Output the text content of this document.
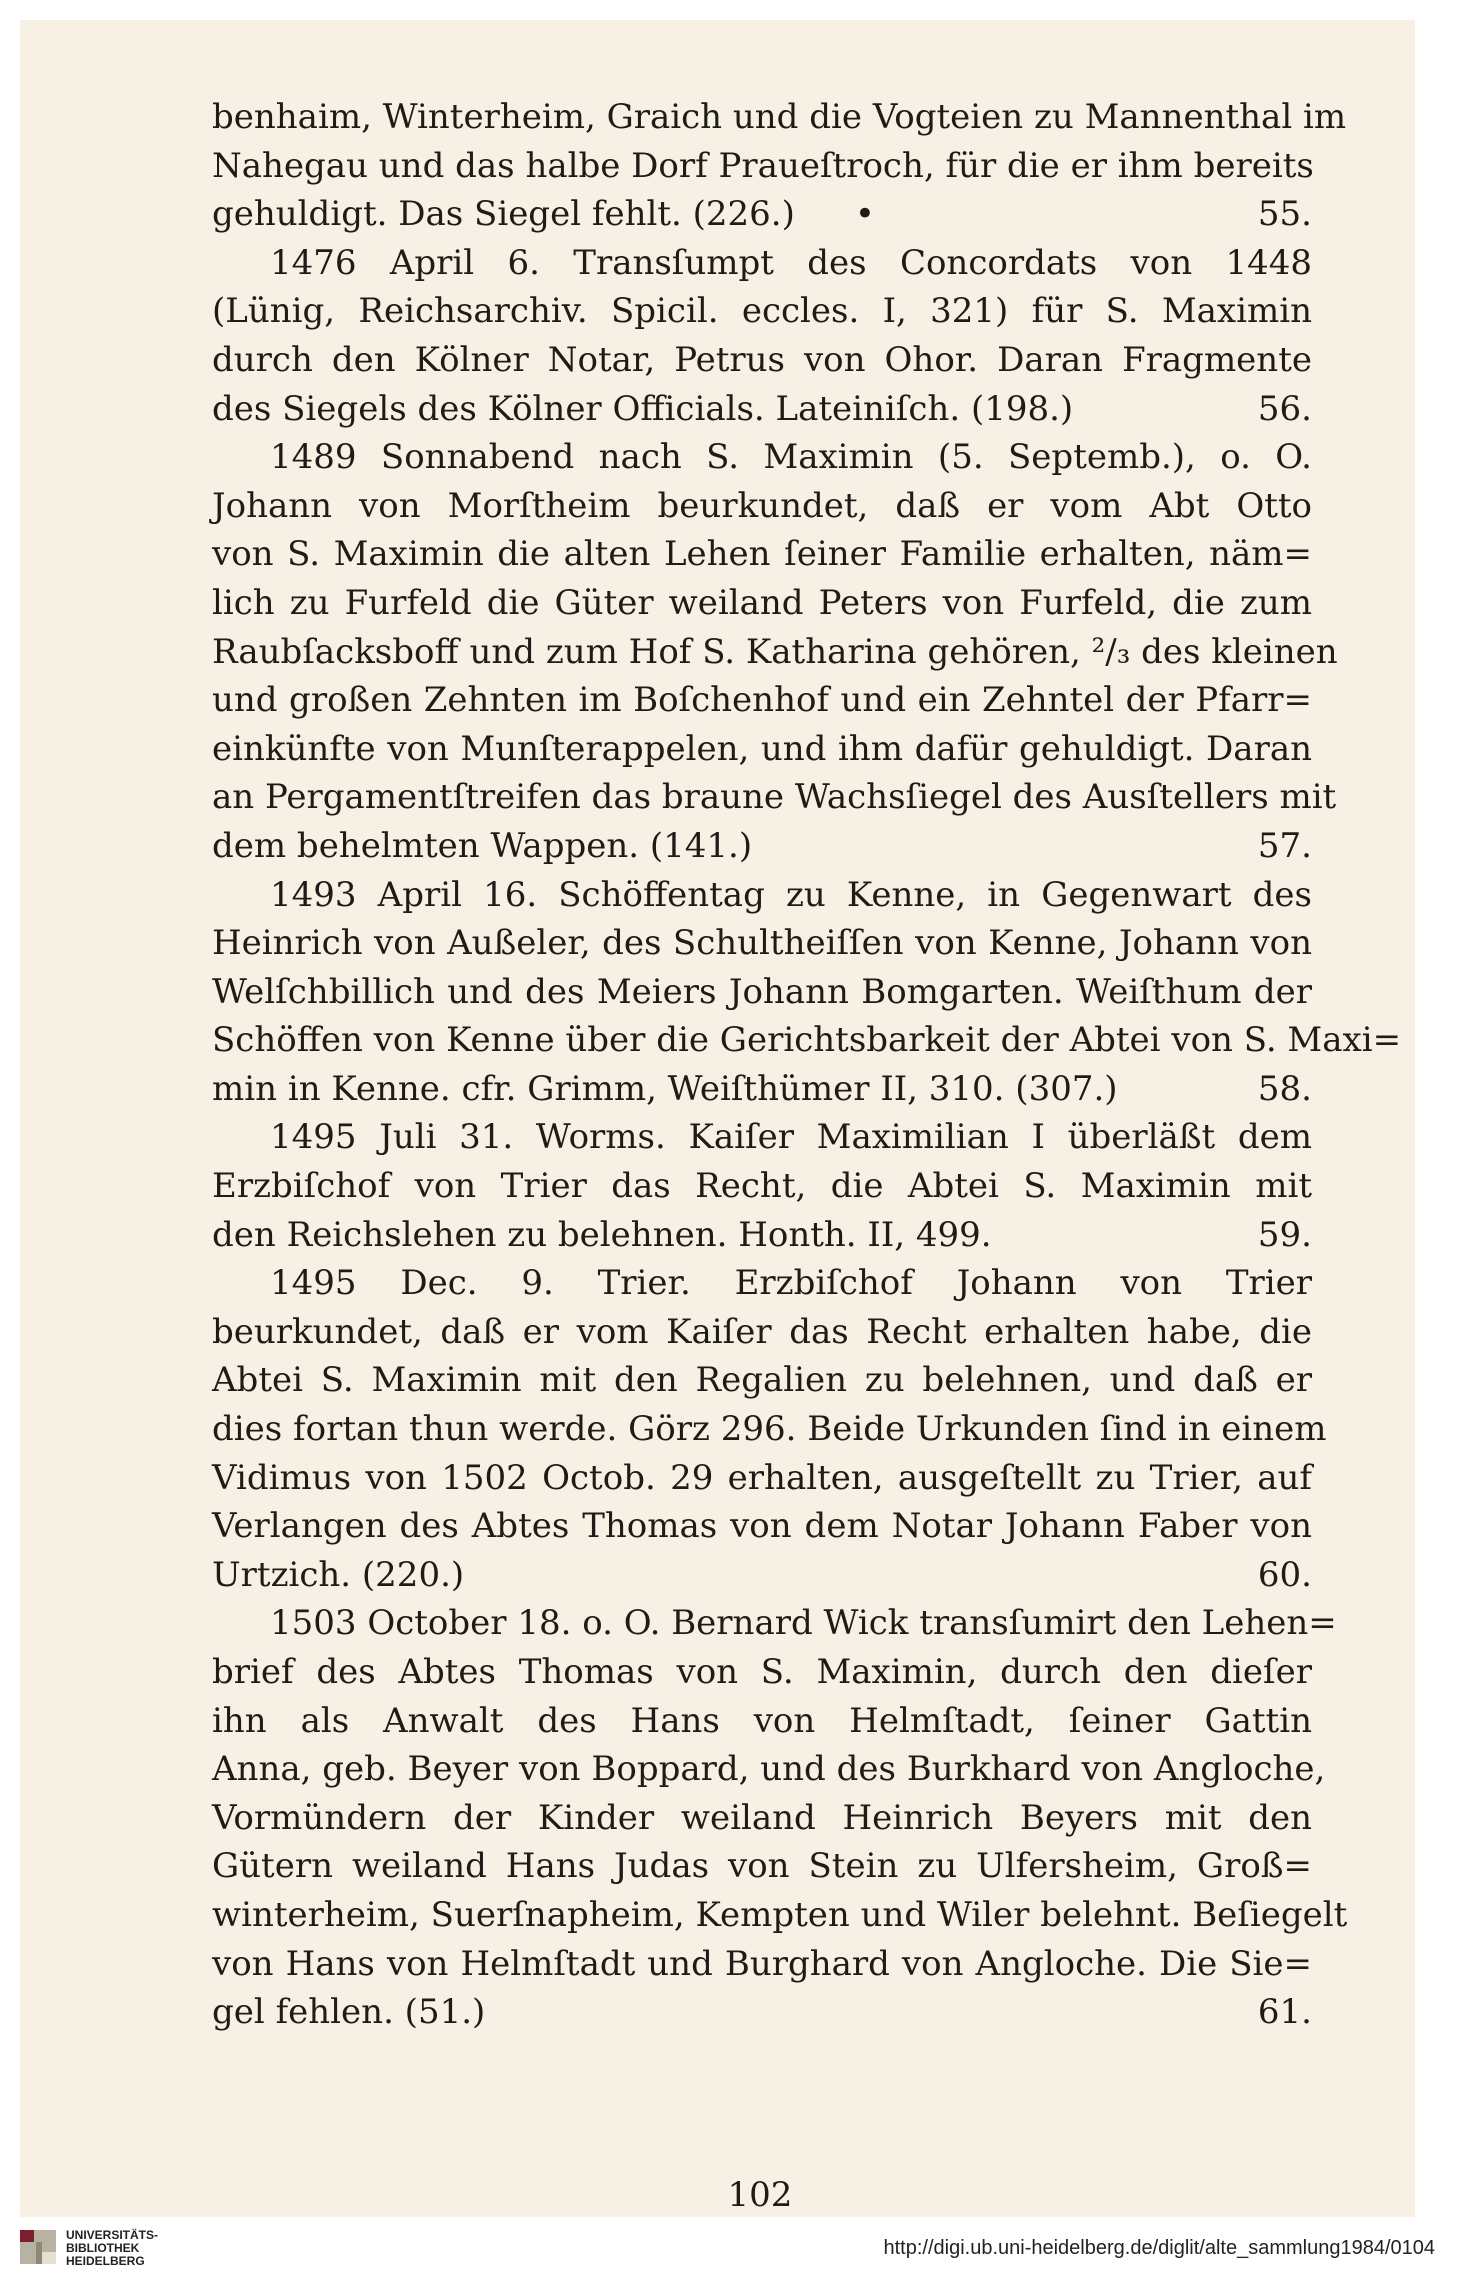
benhaim, Winterheim, Graich und die Vogteien zu Mannenthal im
Nahegau und das halbe Dorf Praueſtroch, für die er ihm bereits
gehuldigt. Das Siegel fehlt. (226.) •	55.
1476 April 6. Transſumpt des Concordats von 1448
(Lünig, Reichsarchiv. Spicil. eccles. I, 321) für S. Maximin
durch den Kölner Notar, Petrus von Ohor. Daran Fragmente
des Siegels des Kölner Officials. Lateiniſch. (198.)	56.
1489 Sonnabend nach S. Maximin (5. Septemb.), o. O.
Johann von Morſtheim beurkundet, daß er vom Abt Otto
von S. Maximin die alten Lehen ſeiner Familie erhalten, näm=
lich zu Furfeld die Güter weiland Peters von Furfeld, die zum
Raubſacksboff und zum Hof S. Katharina gehören, ²/₃ des kleinen
und großen Zehnten im Boſchenhof und ein Zehntel der Pfarr=
einkünfte von Munſterappelen, und ihm dafür gehuldigt. Daran
an Pergamentſtreifen das braune Wachsſiegel des Ausſtellers mit
dem behelmten Wappen. (141.)	57.
1493 April 16. Schöffentag zu Kenne, in Gegenwart des
Heinrich von Außeler, des Schultheiſſen von Kenne, Johann von
Welſchbillich und des Meiers Johann Bomgarten. Weiſthum der
Schöffen von Kenne über die Gerichtsbarkeit der Abtei von S. Maxi=
min in Kenne. cfr. Grimm, Weiſthümer II, 310. (307.)	58.
1495 Juli 31. Worms. Kaiſer Maximilian I überläßt dem
Erzbiſchof von Trier das Recht, die Abtei S. Maximin mit
den Reichslehen zu belehnen. Honth. II, 499.	59.
1495 Dec. 9. Trier. Erzbiſchof Johann von Trier
beurkundet, daß er vom Kaiſer das Recht erhalten habe, die
Abtei S. Maximin mit den Regalien zu belehnen, und daß er
dies fortan thun werde. Görz 296. Beide Urkunden ſind in einem
Vidimus von 1502 Octob. 29 erhalten, ausgeſtellt zu Trier, auf
Verlangen des Abtes Thomas von dem Notar Johann Faber von
Urtzich. (220.)	60.
1503 October 18. o. O. Bernard Wick transſumirt den Lehen=
brief des Abtes Thomas von S. Maximin, durch den dieſer
ihn als Anwalt des Hans von Helmſtadt, ſeiner Gattin
Anna, geb. Beyer von Boppard, und des Burkhard von Angloche,
Vormündern der Kinder weiland Heinrich Beyers mit den
Gütern weiland Hans Judas von Stein zu Ulfersheim, Groß=
winterheim, Suerſnapheim, Kempten und Wiler belehnt. Beſiegelt
von Hans von Helmſtadt und Burghard von Angloche. Die Sie=
gel fehlen. (51.)	61.
102
UNIVERSITÄTS-
BIBLIOTHEK
HEIDELBERG
http://digi.ub.uni-heidelberg.de/diglit/alte_sammlung1984/0104
